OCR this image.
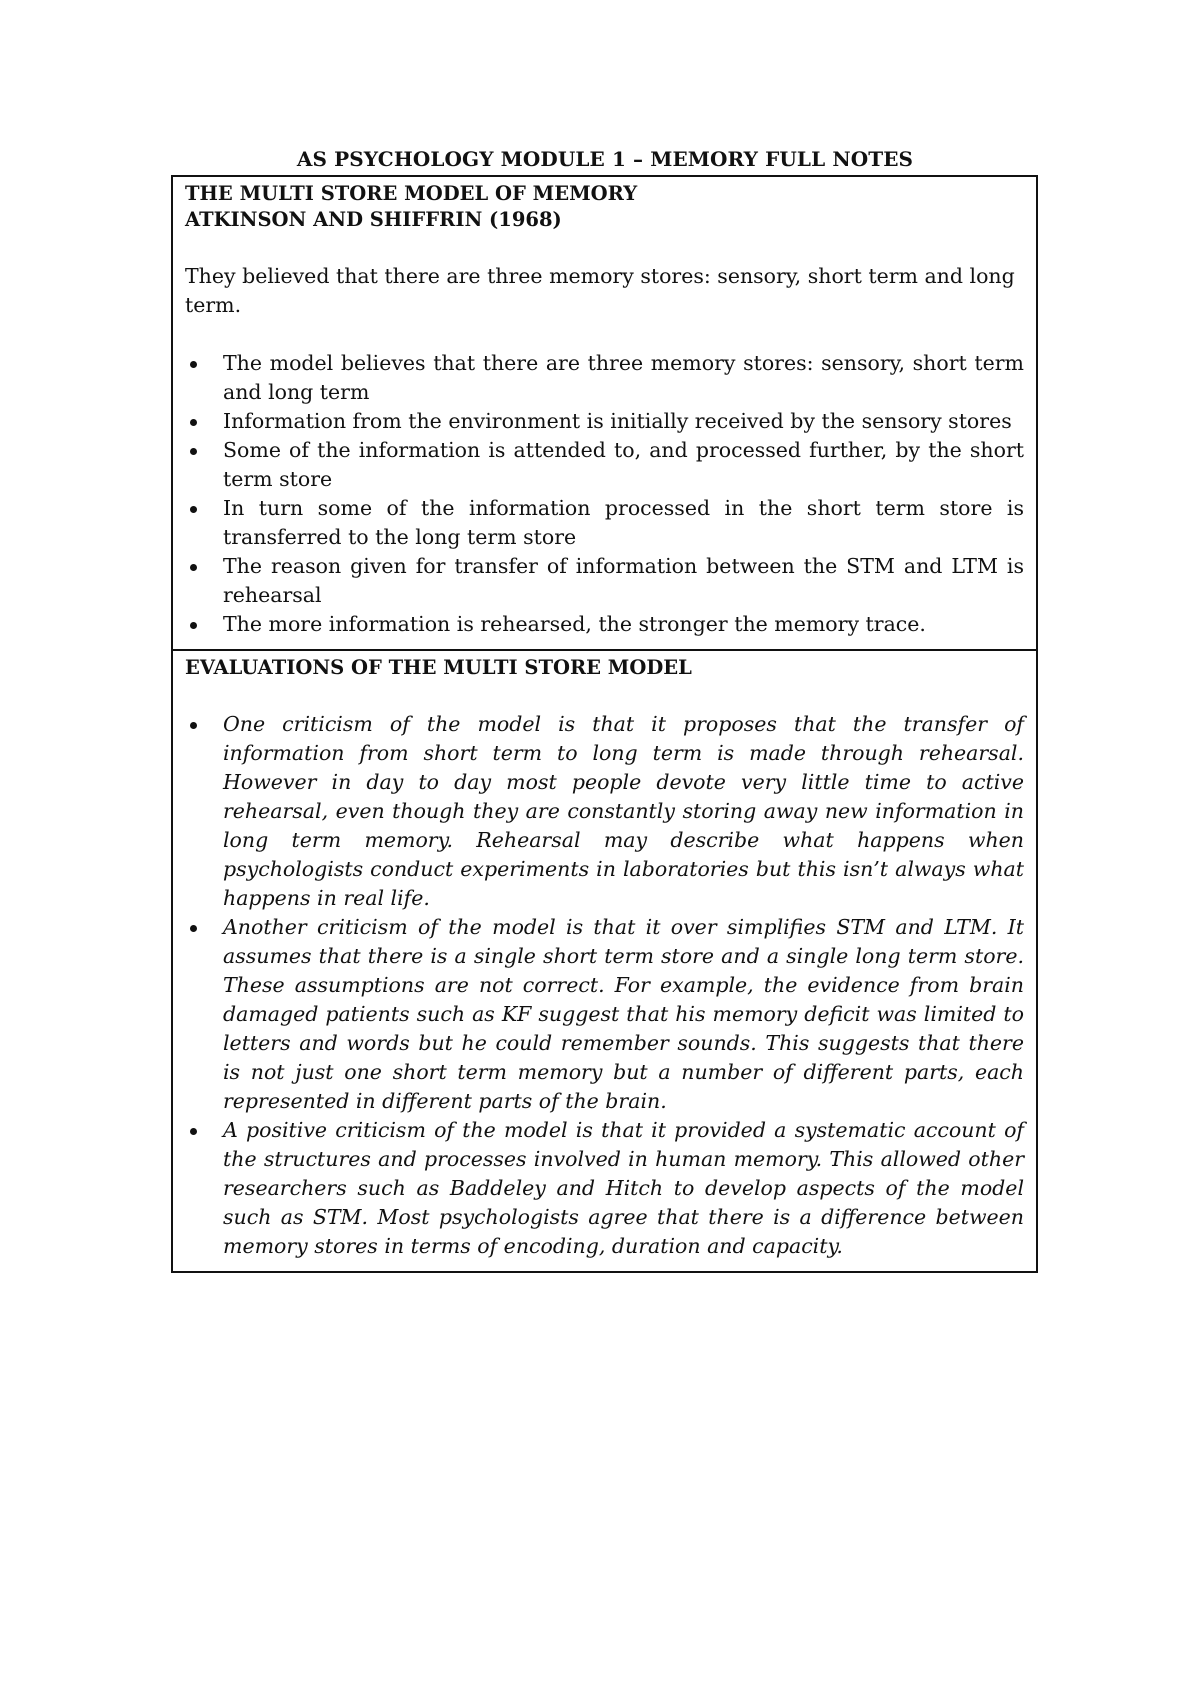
AS PSYCHOLOGY MODULE 1 – MEMORY FULL NOTES
THE MULTI STORE MODEL OF MEMORY
ATKINSON AND SHIFFRIN (1968)

They believed that there are three memory stores: sensory, short term and long term.

The model believes that there are three memory stores: sensory, short term and long term
Information from the environment is initially received by the sensory stores
Some of the information is attended to, and processed further, by the short term store
In turn some of the information processed in the short term store is transferred to the long term store
The reason given for transfer of information between the STM and LTM is rehearsal
The more information is rehearsed, the stronger the memory trace.
EVALUATIONS OF THE MULTI STORE MODEL
One criticism of the model is that it proposes that the transfer of information from short term to long term is made through rehearsal. However in day to day most people devote very little time to active rehearsal, even though they are constantly storing away new information in long term memory. Rehearsal may describe what happens when psychologists conduct experiments in laboratories but this isn’t always what happens in real life.
Another criticism of the model is that it over simplifies STM and LTM. It assumes that there is a single short term store and a single long term store. These assumptions are not correct. For example, the evidence from brain damaged patients such as KF suggest that his memory deficit was limited to letters and words but he could remember sounds. This suggests that there is not just one short term memory but a number of different parts, each represented in different parts of the brain.
A positive criticism of the model is that it provided a systematic account of the structures and processes involved in human memory. This allowed other researchers such as Baddeley and Hitch to develop aspects of the model such as STM. Most psychologists agree that there is a difference between memory stores in terms of encoding, duration and capacity.
